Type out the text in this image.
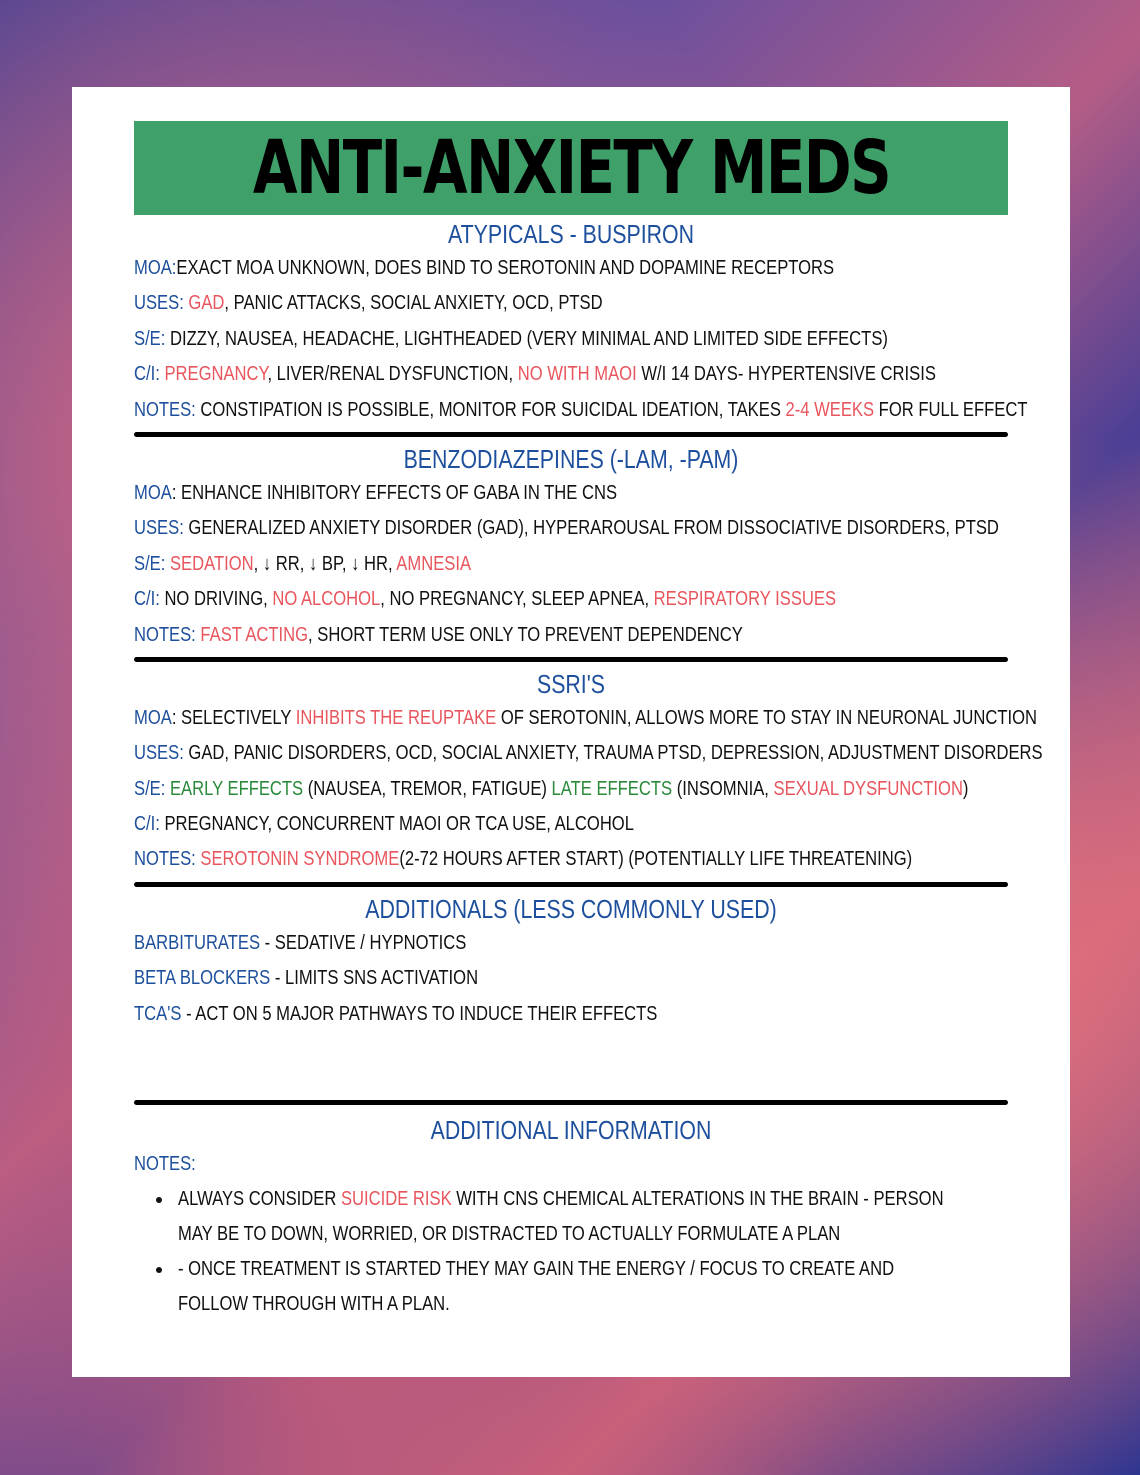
ANTI-ANXIETY MEDS
ATYPICALS - BUSPIRON
MOA:EXACT MOA UNKNOWN, DOES BIND TO SEROTONIN AND DOPAMINE RECEPTORS
USES: GAD, PANIC ATTACKS, SOCIAL ANXIETY, OCD, PTSD
S/E: DIZZY, NAUSEA, HEADACHE, LIGHTHEADED (VERY MINIMAL AND LIMITED SIDE EFFECTS)
C/I: PREGNANCY, LIVER/RENAL DYSFUNCTION, NO WITH MAOI W/I 14 DAYS- HYPERTENSIVE CRISIS
NOTES: CONSTIPATION IS POSSIBLE, MONITOR FOR SUICIDAL IDEATION, TAKES 2-4 WEEKS FOR FULL EFFECT
BENZODIAZEPINES (-LAM, -PAM)
MOA: ENHANCE INHIBITORY EFFECTS OF GABA IN THE CNS
USES: GENERALIZED ANXIETY DISORDER (GAD), HYPERAROUSAL FROM DISSOCIATIVE DISORDERS, PTSD
S/E: SEDATION, ↓ RR, ↓ BP, ↓ HR, AMNESIA
C/I: NO DRIVING, NO ALCOHOL, NO PREGNANCY, SLEEP APNEA, RESPIRATORY ISSUES
NOTES: FAST ACTING, SHORT TERM USE ONLY TO PREVENT DEPENDENCY
SSRI'S
MOA: SELECTIVELY INHIBITS THE REUPTAKE OF SEROTONIN, ALLOWS MORE TO STAY IN NEURONAL JUNCTION
USES: GAD, PANIC DISORDERS, OCD, SOCIAL ANXIETY, TRAUMA PTSD, DEPRESSION, ADJUSTMENT DISORDERS
S/E: EARLY EFFECTS (NAUSEA, TREMOR, FATIGUE) LATE EFFECTS (INSOMNIA, SEXUAL DYSFUNCTION)
C/I: PREGNANCY, CONCURRENT MAOI OR TCA USE, ALCOHOL
NOTES: SEROTONIN SYNDROME(2-72 HOURS AFTER START) (POTENTIALLY LIFE THREATENING)
ADDITIONALS (LESS COMMONLY USED)
BARBITURATES - SEDATIVE / HYPNOTICS
BETA BLOCKERS - LIMITS SNS ACTIVATION
TCA'S - ACT ON 5 MAJOR PATHWAYS TO INDUCE THEIR EFFECTS
ADDITIONAL INFORMATION
NOTES:
ALWAYS CONSIDER SUICIDE RISK WITH CNS CHEMICAL ALTERATIONS IN THE BRAIN - PERSON MAY BE TO DOWN, WORRIED, OR DISTRACTED TO ACTUALLY FORMULATE A PLAN
- ONCE TREATMENT IS STARTED THEY MAY GAIN THE ENERGY / FOCUS TO CREATE AND FOLLOW THROUGH WITH A PLAN.
